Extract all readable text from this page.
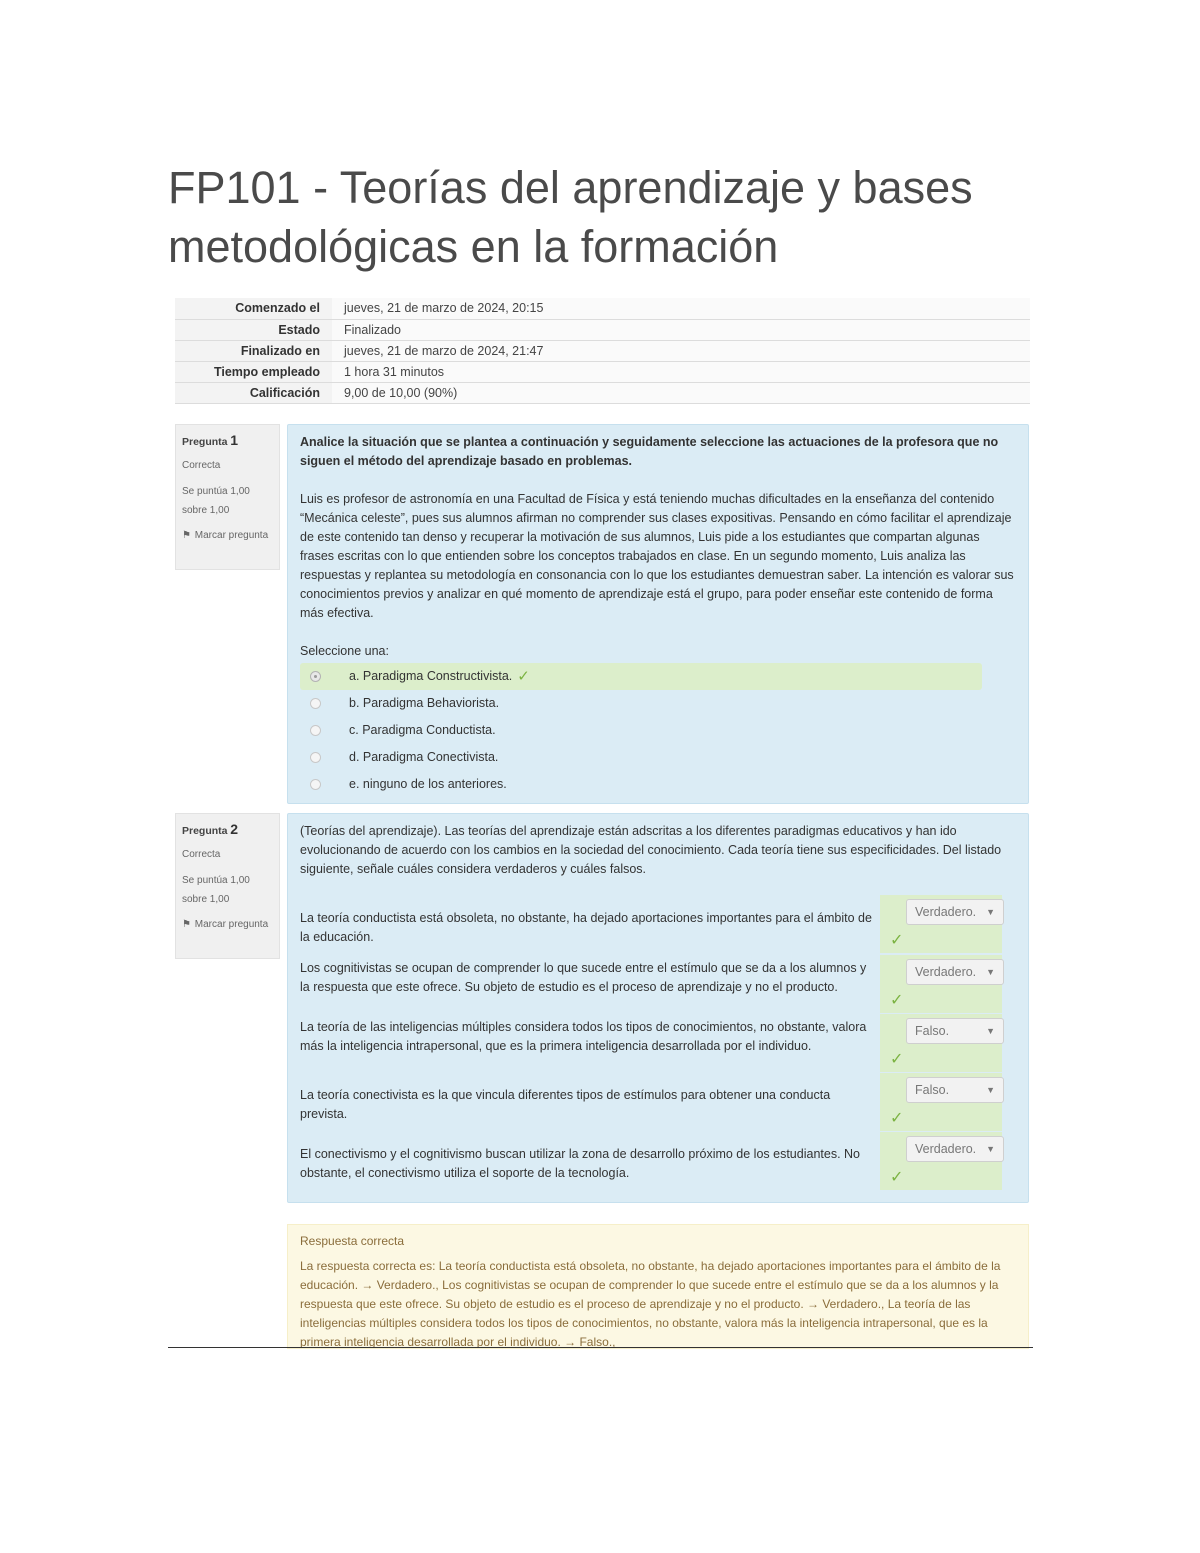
FP101 - Teorías del aprendizaje y bases metodológicas en la formación
Comenzado el	jueves, 21 de marzo de 2024, 20:15
Estado	Finalizado
Finalizado en	jueves, 21 de marzo de 2024, 21:47
Tiempo empleado	1 hora 31 minutos
Calificación	9,00 de 10,00 (90%)
Pregunta 1
Correcta
Se puntúa 1,00 sobre 1,00
⚑ Marcar pregunta

Analice la situación que se plantea a continuación y seguidamente seleccione las actuaciones de la profesora que no siguen el método del aprendizaje basado en problemas.

Luis es profesor de astronomía en una Facultad de Física y está teniendo muchas dificultades en la enseñanza del contenido “Mecánica celeste”, pues sus alumnos afirman no comprender sus clases expositivas. Pensando en cómo facilitar el aprendizaje de este contenido tan denso y recuperar la motivación de sus alumnos, Luis pide a los estudiantes que compartan algunas frases escritas con lo que entienden sobre los conceptos trabajados en clase. En un segundo momento, Luis analiza las respuestas y replantea su metodología en consonancia con lo que los estudiantes demuestran saber. La intención es valorar sus conocimientos previos y analizar en qué momento de aprendizaje está el grupo, para poder enseñar este contenido de forma más efectiva.

Seleccione una:

a. Paradigma Constructivista. ✓
b. Paradigma Behaviorista.
c. Paradigma Conductista.
d. Paradigma Conectivista.
e. ninguno de los anteriores.
Pregunta 2
Correcta
Se puntúa 1,00 sobre 1,00
⚑ Marcar pregunta

(Teorías del aprendizaje). Las teorías del aprendizaje están adscritas a los diferentes paradigmas educativos y han ido evolucionando de acuerdo con los cambios en la sociedad del conocimiento. Cada teoría tiene sus especificidades. Del listado siguiente, señale cuáles considera verdaderos y cuáles falsos.

La teoría conductista está obsoleta, no obstante, ha dejado aportaciones importantes para el ámbito de la educación.
Verdadero. ▼
✓
Los cognitivistas se ocupan de comprender lo que sucede entre el estímulo que se da a los alumnos y la respuesta que este ofrece. Su objeto de estudio es el proceso de aprendizaje y no el producto.
Verdadero. ▼
✓
La teoría de las inteligencias múltiples considera todos los tipos de conocimientos, no obstante, valora más la inteligencia intrapersonal, que es la primera inteligencia desarrollada por el individuo.
Falso.	▼
✓
La teoría conectivista es la que vincula diferentes tipos de estímulos para obtener una conducta prevista.
Falso.	▼
✓
El conectivismo y el cognitivismo buscan utilizar la zona de desarrollo próximo de los estudiantes. No obstante, el conectivismo utiliza el soporte de la tecnología.
Verdadero. ▼
✓
Respuesta correcta
La respuesta correcta es: La teoría conductista está obsoleta, no obstante, ha dejado aportaciones importantes para el ámbito de la educación. → Verdadero., Los cognitivistas se ocupan de comprender lo que sucede entre el estímulo que se da a los alumnos y la respuesta que este ofrece. Su objeto de estudio es el proceso de aprendizaje y no el producto. → Verdadero., La teoría de las inteligencias múltiples considera todos los tipos de conocimientos, no obstante, valora más la inteligencia intrapersonal, que es la primera inteligencia desarrollada por el individuo. → Falso.,
